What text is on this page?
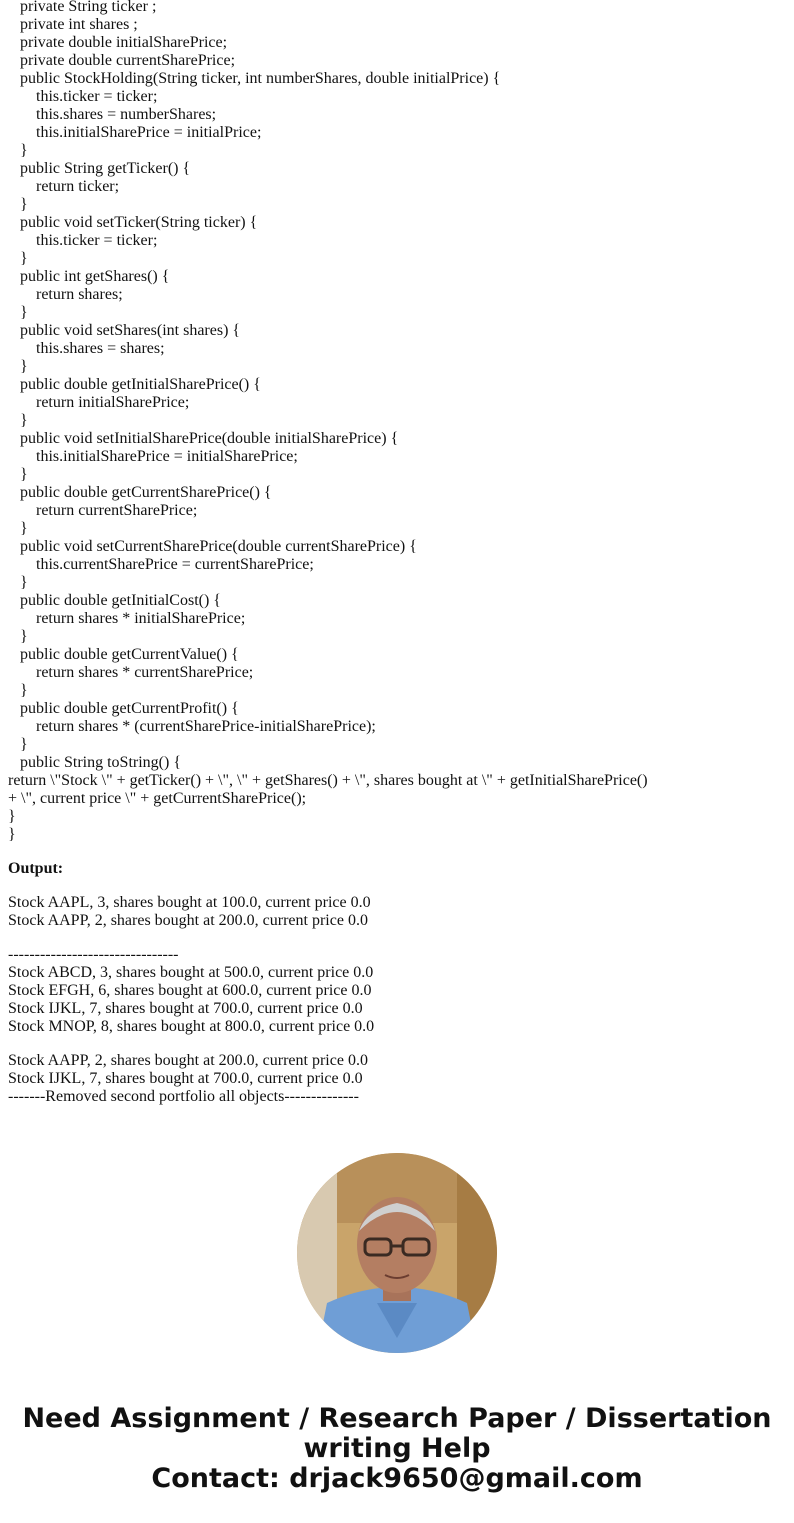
private String ticker ;
private int shares ;
private double initialSharePrice;
private double currentSharePrice;
public StockHolding(String ticker, int numberShares, double initialPrice) {
this.ticker = ticker;
this.shares = numberShares;
this.initialSharePrice = initialPrice;
}
public String getTicker() {
return ticker;
}
public void setTicker(String ticker) {
this.ticker = ticker;
}
public int getShares() {
return shares;
}
public void setShares(int shares) {
this.shares = shares;
}
public double getInitialSharePrice() {
return initialSharePrice;
}
public void setInitialSharePrice(double initialSharePrice) {
this.initialSharePrice = initialSharePrice;
}
public double getCurrentSharePrice() {
return currentSharePrice;
}
public void setCurrentSharePrice(double currentSharePrice) {
this.currentSharePrice = currentSharePrice;
}
public double getInitialCost() {
return shares * initialSharePrice;
}
public double getCurrentValue() {
return shares * currentSharePrice;
}
public double getCurrentProfit() {
return shares * (currentSharePrice-initialSharePrice);
}
public String toString() {
return \"Stock \" + getTicker() + \", \" + getShares() + \", shares bought at \" + getInitialSharePrice()
+ \", current price \" + getCurrentSharePrice();
}
}
Output:
Stock AAPL, 3, shares bought at 100.0, current price 0.0
Stock AAPP, 2, shares bought at 200.0, current price 0.0
--------------------------------
Stock ABCD, 3, shares bought at 500.0, current price 0.0
Stock EFGH, 6, shares bought at 600.0, current price 0.0
Stock IJKL, 7, shares bought at 700.0, current price 0.0
Stock MNOP, 8, shares bought at 800.0, current price 0.0
Stock AAPP, 2, shares bought at 200.0, current price 0.0
Stock IJKL, 7, shares bought at 700.0, current price 0.0
-------Removed second portfolio all objects--------------
Need Assignment / Research Paper / Dissertation
writing Help
Contact: drjack9650@gmail.com
